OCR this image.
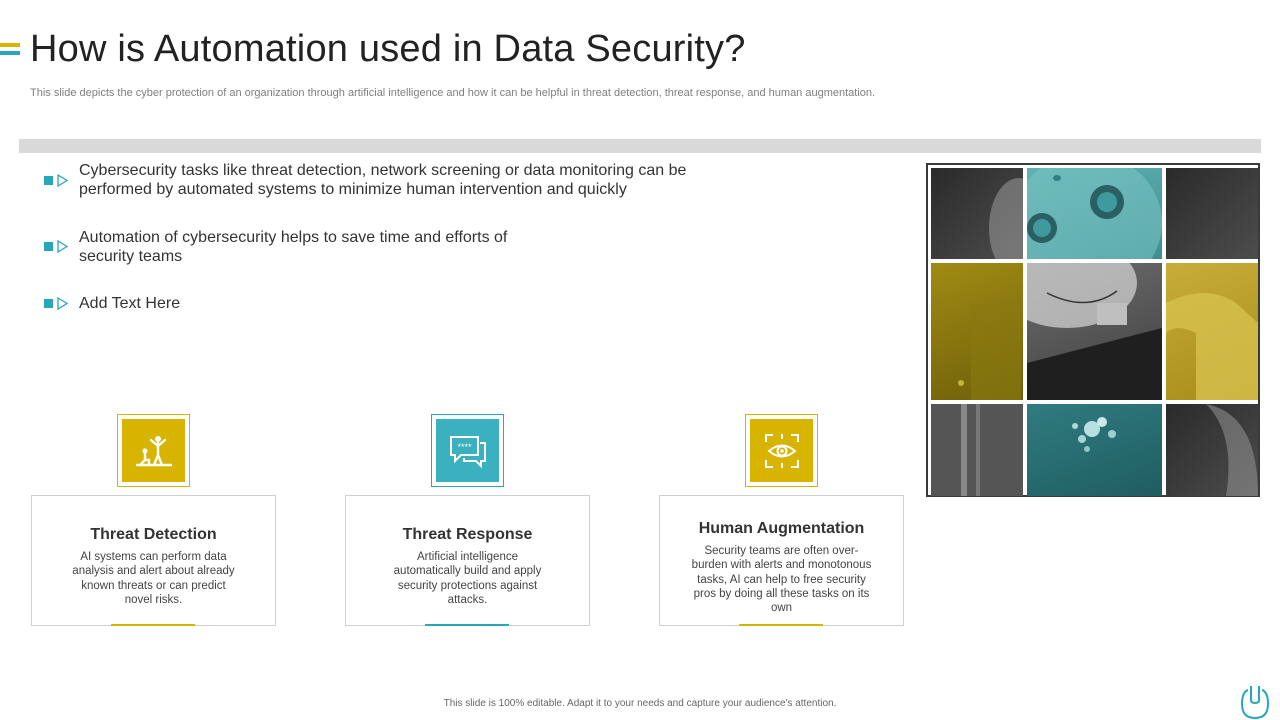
How is Automation used in Data Security?

This slide depicts the cyber protection of an organization through artificial intelligence and how it can be helpful in threat detection, threat response, and human augmentation.

Cybersecurity tasks like threat detection, network screening or data monitoring can be performed by automated systems to minimize human intervention and quickly
Automation of cybersecurity helps to save time and efforts of security teams
Add Text Here
****
Threat Detection
AI systems can perform data analysis and alert about already known threats or can predict novel risks.
Threat Response
Artificial intelligence automatically build and apply security protections against attacks.
Human Augmentation
Security teams are often over-burden with alerts and monotonous tasks, AI can help to free security pros by doing all these tasks on its own
This slide is 100% editable. Adapt it to your needs and capture your audience's attention.
